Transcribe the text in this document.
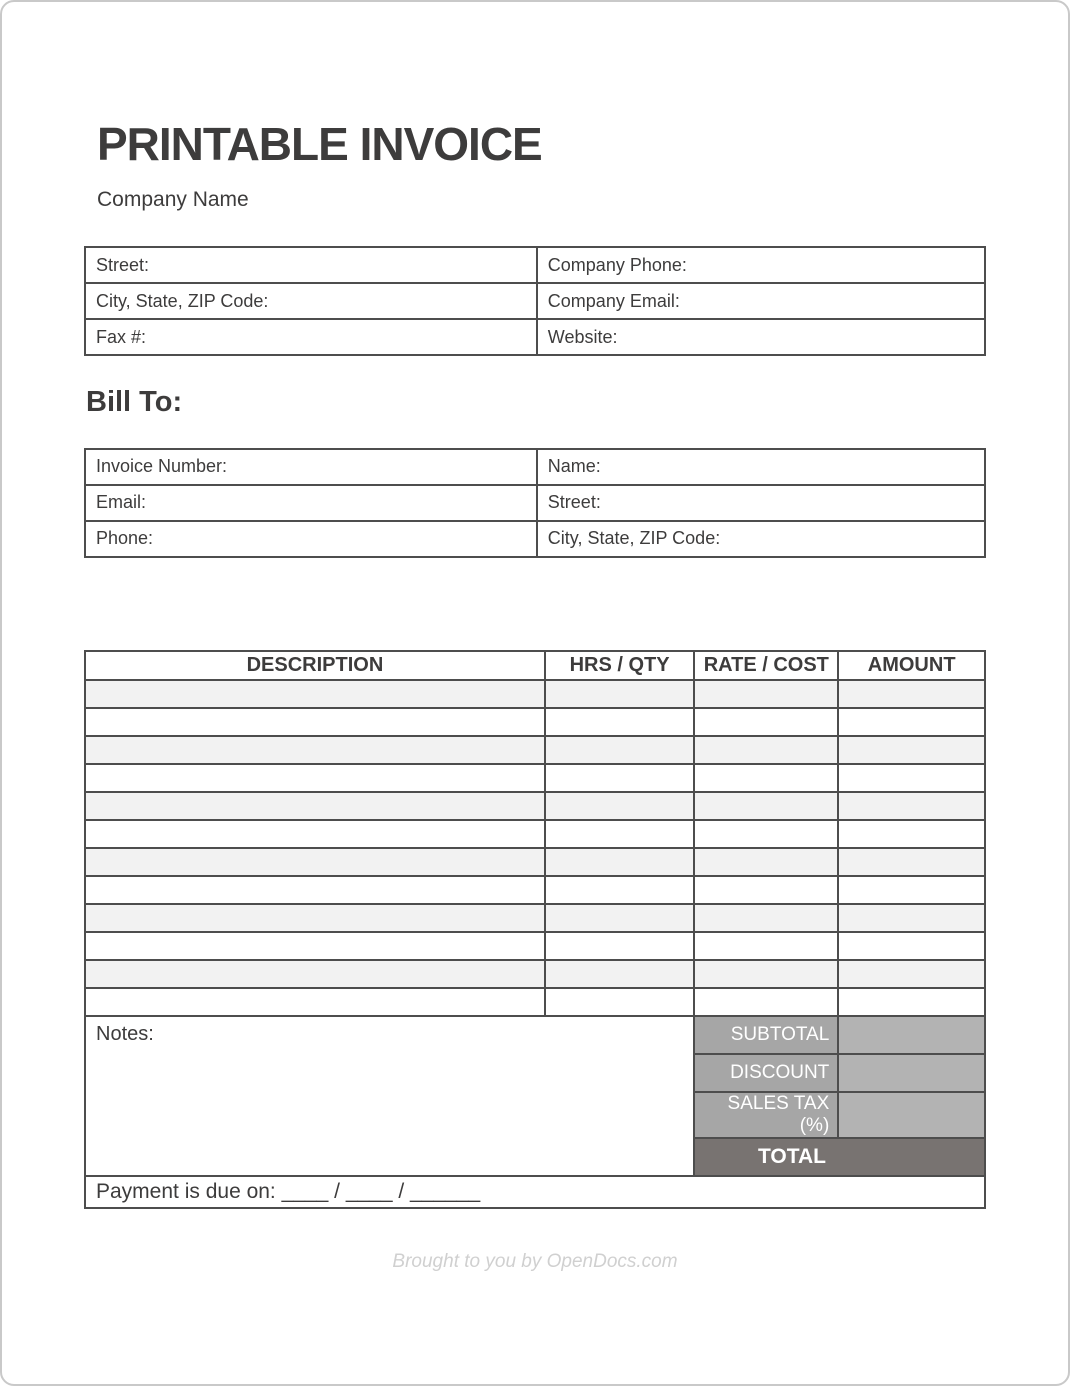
PRINTABLE INVOICE
Company Name
Street:	Company Phone:
City, State, ZIP Code:	Company Email:
Fax #:	Website:
Bill To:
Invoice Number:	Name:
Email:	Street:
Phone:	City, State, ZIP Code:
DESCRIPTION	HRS / QTY	RATE / COST	AMOUNT

Notes:		SUBTOTAL	
		DISCOUNT	
		SALES TAX (%)	
		TOTAL	
Payment is due on: ____ / ____ / ______			
Brought to you by OpenDocs.com
